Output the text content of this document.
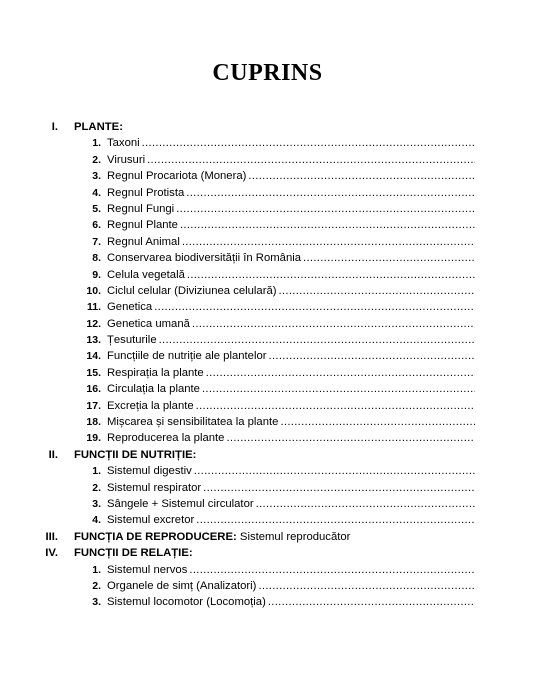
CUPRINS
I. PLANTE:
1. Taxoni
.....
2. Virusuri
.....
3. Regnul Procariota (Monera)
.....
4. Regnul Protista
.....
5. Regnul Fungi
.....
6. Regnul Plante
.....
7. Regnul Animal
.....
8. Conservarea biodiversității în România
.....
9. Celula vegetală
.....
10. Ciclul celular (Diviziunea celulară)
.....
11. Genetica
.....
12. Genetica umană
.....
13. Țesuturile
.....
14. Funcțiile de nutriție ale plantelor
.....
15. Respirația la plante
.....
16. Circulația la plante
.....
17. Excreția la plante
.....
18. Mișcarea și sensibilitatea la plante
.....
19. Reproducerea la plante
.....
II. FUNCȚII DE NUTRIȚIE:
1. Sistemul digestiv
.....
2. Sistemul respirator
.....
3. Sângele + Sistemul circulator
.....
4. Sistemul excretor
.....
III. FUNCȚIA DE REPRODUCERE: Sistemul reproducător
IV. FUNCȚII DE RELAȚIE:
1. Sistemul nervos
.....
2. Organele de simț (Analizatori)
.....
3. Sistemul locomotor (Locomoția)
.....
